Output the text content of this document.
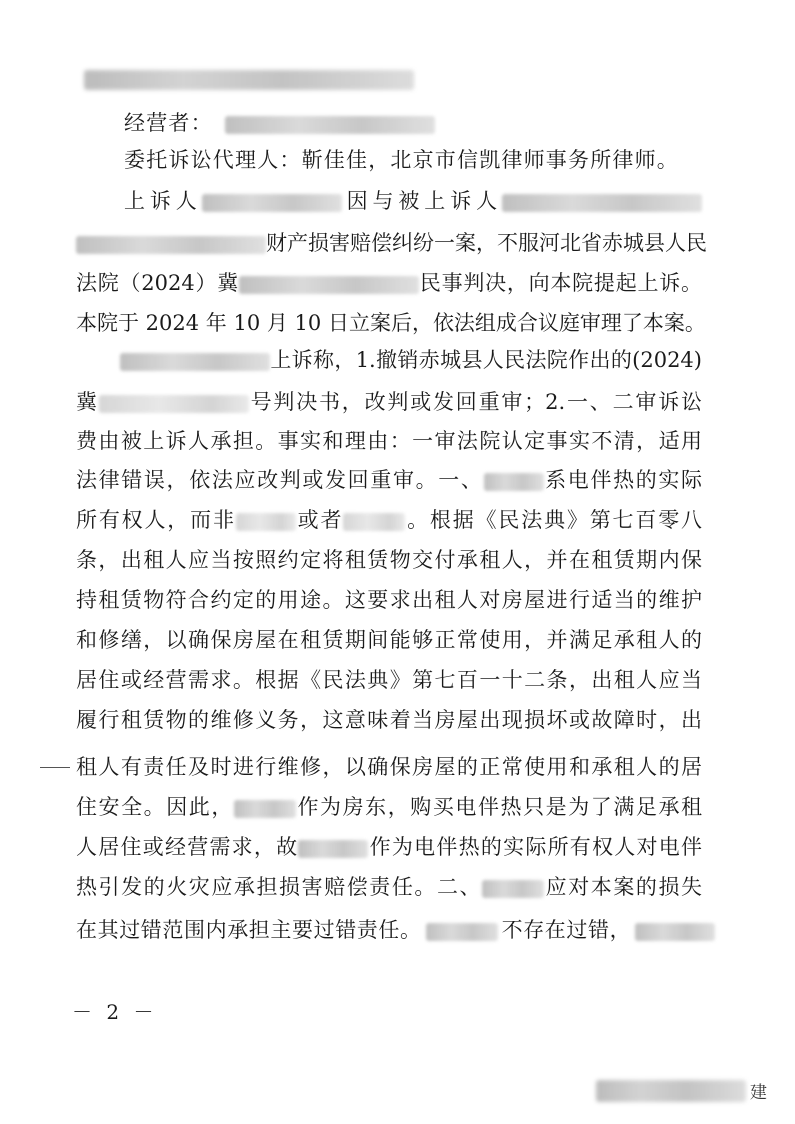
经营者：
委托诉讼代理人：靳佳佳，北京市信凯律师事务所律师。
上诉人	因与被上诉人
财产损害赔偿纠纷一案，不服河北省赤城县人民
法院（2024）冀	民事判决，向本院提起上诉。
本院于 2024 年 10 月 10 日立案后，依法组成合议庭审理了本案。
上诉称，1.撤销赤城县人民法院作出的(2024)
冀	号判决书，改判或发回重审；2.一、二审诉讼
费由被上诉人承担。事实和理由：一审法院认定事实不清，适用
法律错误，依法应改判或发回重审。一、	系电伴热的实际
所有权人，而非	或者	。根据《民法典》第七百零八
条，出租人应当按照约定将租赁物交付承租人，并在租赁期内保
持租赁物符合约定的用途。这要求出租人对房屋进行适当的维护
和修缮，以确保房屋在租赁期间能够正常使用，并满足承租人的
居住或经营需求。根据《民法典》第七百一十二条，出租人应当
履行租赁物的维修义务，这意味着当房屋出现损坏或故障时，出
租人有责任及时进行维修，以确保房屋的正常使用和承租人的居
住安全。因此，	作为房东，购买电伴热只是为了满足承租
人居住或经营需求，故	作为电伴热的实际所有权人对电伴
热引发的火灾应承担损害赔偿责任。二、	应对本案的损失
在其过错范围内承担主要过错责任。	不存在过错，
－ 2 －
建
